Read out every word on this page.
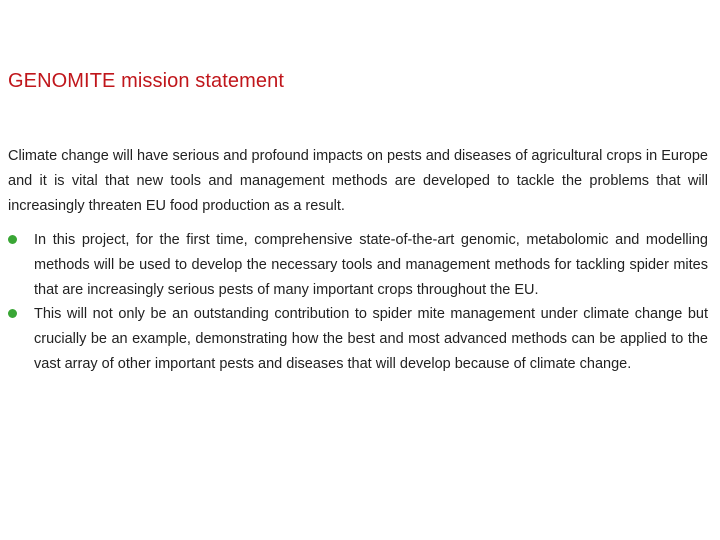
GENOMITE mission statement

Climate change will have serious and profound impacts on pests and diseases of agricultural crops in Europe and it is vital that new tools and management methods are developed to tackle the problems that will increasingly threaten EU food production as a result.

In this project, for the first time, comprehensive state-of-the-art genomic, metabolomic and modelling methods will be used to develop the necessary tools and management methods for tackling spider mites that are increasingly serious pests of many important crops throughout the EU.
This will not only be an outstanding contribution to spider mite management under climate change but crucially be an example, demonstrating how the best and most advanced methods can be applied to the vast array of other important pests and diseases that will develop because of climate change.
